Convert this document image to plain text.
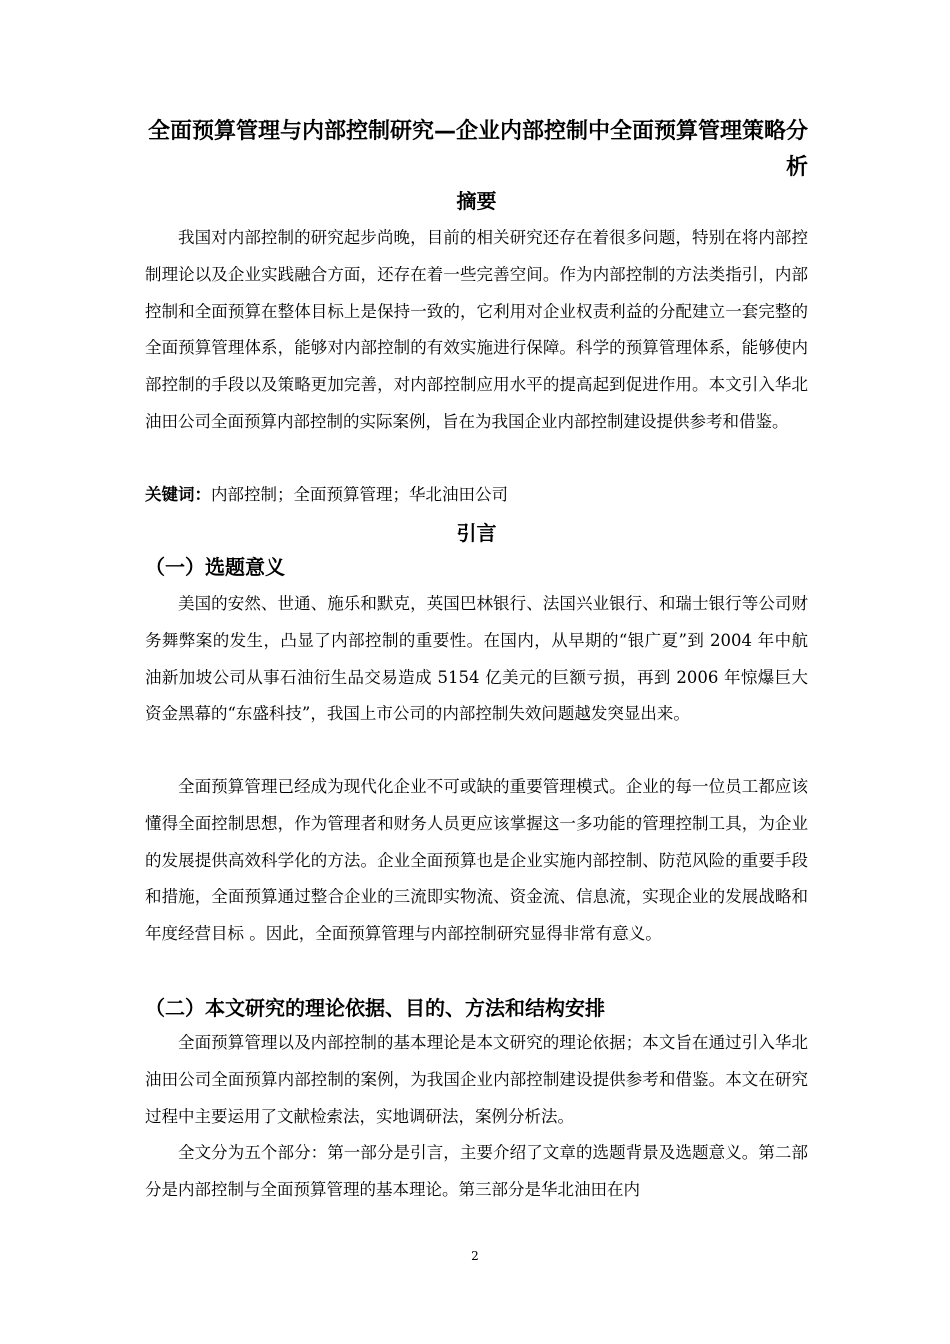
全面预算管理与内部控制研究—企业内部控制中全面预算管理策略分析
摘要

我国对内部控制的研究起步尚晚，目前的相关研究还存在着很多问题，特别在将内部控制理论以及企业实践融合方面，还存在着一些完善空间。作为内部控制的方法类指引，内部控制和全面预算在整体目标上是保持一致的，它利用对企业权责利益的分配建立一套完整的全面预算管理体系，能够对内部控制的有效实施进行保障。科学的预算管理体系，能够使内部控制的手段以及策略更加完善，对内部控制应用水平的提高起到促进作用。本文引入华北油田公司全面预算内部控制的实际案例，旨在为我国企业内部控制建设提供参考和借鉴。

关键词：内部控制；全面预算管理；华北油田公司

引言
（一）选题意义

美国的安然、世通、施乐和默克，英国巴林银行、法国兴业银行、和瑞士银行等公司财务舞弊案的发生，凸显了内部控制的重要性。在国内，从早期的“银广夏”到 2004 年中航油新加坡公司从事石油衍生品交易造成 5154 亿美元的巨额亏损，再到 2006 年惊爆巨大资金黑幕的“东盛科技”，我国上市公司的内部控制失效问题越发突显出来。

全面预算管理已经成为现代化企业不可或缺的重要管理模式。企业的每一位员工都应该懂得全面控制思想，作为管理者和财务人员更应该掌握这一多功能的管理控制工具，为企业的发展提供高效科学化的方法。企业全面预算也是企业实施内部控制、防范风险的重要手段和措施，全面预算通过整合企业的三流即实物流、资金流、信息流，实现企业的发展战略和年度经营目标 。因此，全面预算管理与内部控制研究显得非常有意义。

（二）本文研究的理论依据、目的、方法和结构安排

全面预算管理以及内部控制的基本理论是本文研究的理论依据；本文旨在通过引入华北油田公司全面预算内部控制的案例，为我国企业内部控制建设提供参考和借鉴。本文在研究过程中主要运用了文献检索法，实地调研法，案例分析法。

全文分为五个部分：第一部分是引言，主要介绍了文章的选题背景及选题意义。第二部分是内部控制与全面预算管理的基本理论。第三部分是华北油田在内

2
